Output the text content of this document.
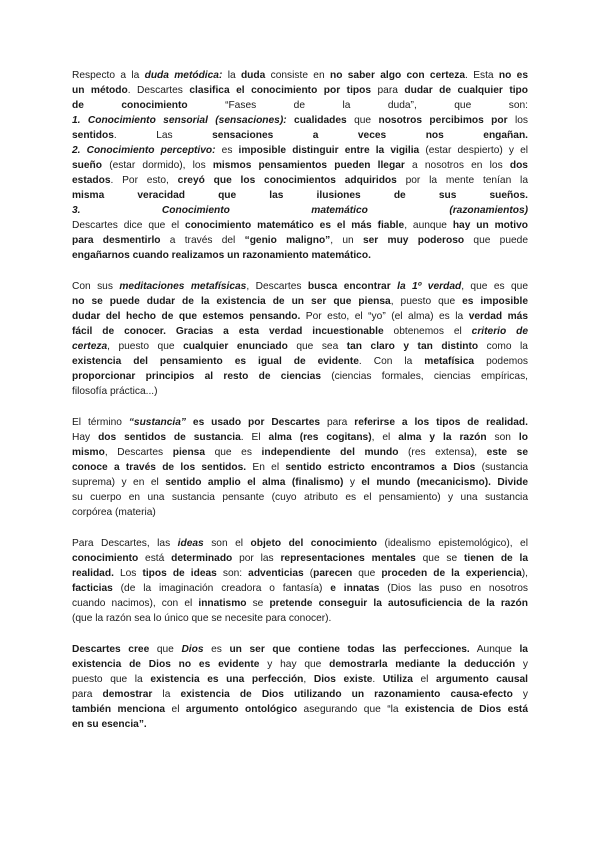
Respecto a la duda metódica: la duda consiste en no saber algo con certeza. Esta no es
un método. Descartes clasifica el conocimiento por tipos para dudar de cualquier tipo
de conocimiento “Fases de la duda”, que son:
1. Conocimiento sensorial (sensaciones): cualidades que nosotros percibimos por los
sentidos. Las sensaciones a veces nos engañan.
2. Conocimiento perceptivo: es imposible distinguir entre la vigilia (estar despierto) y el
sueño (estar dormido), los mismos pensamientos pueden llegar a nosotros en los dos
estados. Por esto, creyó que los conocimientos adquiridos por la mente tenían la
misma veracidad que las ilusiones de sus sueños.
3. Conocimiento matemático (razonamientos)
Descartes dice que el conocimiento matemático es el más fiable, aunque hay un motivo
para desmentirlo a través del “genio maligno”, un ser muy poderoso que puede
engañarnos cuando realizamos un razonamiento matemático.
Con sus meditaciones metafísicas, Descartes busca encontrar la 1º verdad, que es que
no se puede dudar de la existencia de un ser que piensa, puesto que es imposible
dudar del hecho de que estemos pensando. Por esto, el “yo” (el alma) es la verdad más
fácil de conocer. Gracias a esta verdad incuestionable obtenemos el criterio de
certeza, puesto que cualquier enunciado que sea tan claro y tan distinto como la
existencia del pensamiento es igual de evidente. Con la metafísica podemos
proporcionar principios al resto de ciencias (ciencias formales, ciencias empíricas,
filosofía práctica...)
El término “sustancia” es usado por Descartes para referirse a los tipos de realidad.
Hay dos sentidos de sustancia. El alma (res cogitans), el alma y la razón son lo
mismo, Descartes piensa que es independiente del mundo (res extensa), este se
conoce a través de los sentidos. En el sentido estricto encontramos a Dios (sustancia
suprema) y en el sentido amplio el alma (finalismo) y el mundo (mecanicismo). Divide
su cuerpo en una sustancia pensante (cuyo atributo es el pensamiento) y una sustancia
corpórea (materia)
Para Descartes, las ideas son el objeto del conocimiento (idealismo epistemológico), el
conocimiento está determinado por las representaciones mentales que se tienen de la
realidad. Los tipos de ideas son: adventicias (parecen que proceden de la experiencia),
facticias (de la imaginación creadora o fantasía) e innatas (Dios las puso en nosotros
cuando nacimos), con el innatismo se pretende conseguir la autosuficiencia de la razón
(que la razón sea lo único que se necesite para conocer).
Descartes cree que Dios es un ser que contiene todas las perfecciones. Aunque la
existencia de Dios no es evidente y hay que demostrarla mediante la deducción y
puesto que la existencia es una perfección, Dios existe. Utiliza el argumento causal
para demostrar la existencia de Dios utilizando un razonamiento causa-efecto y
también menciona el argumento ontológico asegurando que “la existencia de Dios está
en su esencia”.
